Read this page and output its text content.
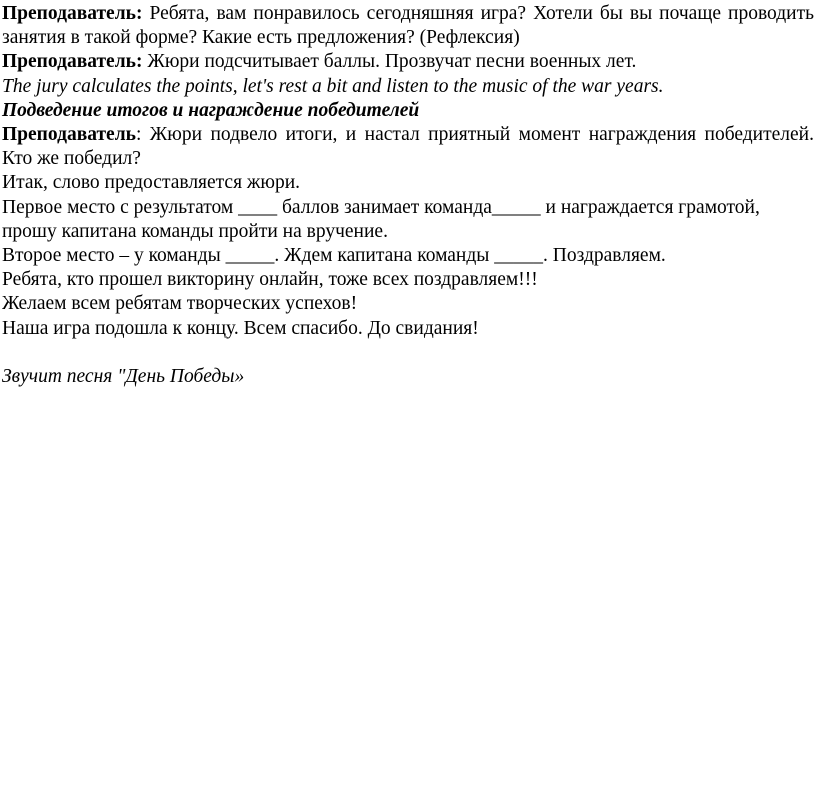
Преподаватель: Ребята, вам понравилось сегодняшняя игра? Хотели бы вы почаще проводить занятия в такой форме? Какие есть предложения? (Рефлексия)

Преподаватель: Жюри подсчитывает баллы. Прозвучат песни военных лет.

The jury calculates the points, let's rest a bit and listen to the music of the war years.

Подведение итогов и награждение победителей

Преподаватель: Жюри подвело итоги, и настал приятный момент награждения победителей. Кто же победил?

Итак, слово предоставляется жюри.

Первое место с результатом ____ баллов занимает команда_____ и награждается грамотой, прошу капитана команды пройти на вручение.

Второе место – у команды _____. Ждем капитана команды _____. Поздравляем.

Ребята, кто прошел викторину онлайн, тоже всех поздравляем!!!

Желаем всем ребятам творческих успехов!

Наша игра подошла к концу. Всем спасибо. До свидания!

Звучит песня "День Победы»
